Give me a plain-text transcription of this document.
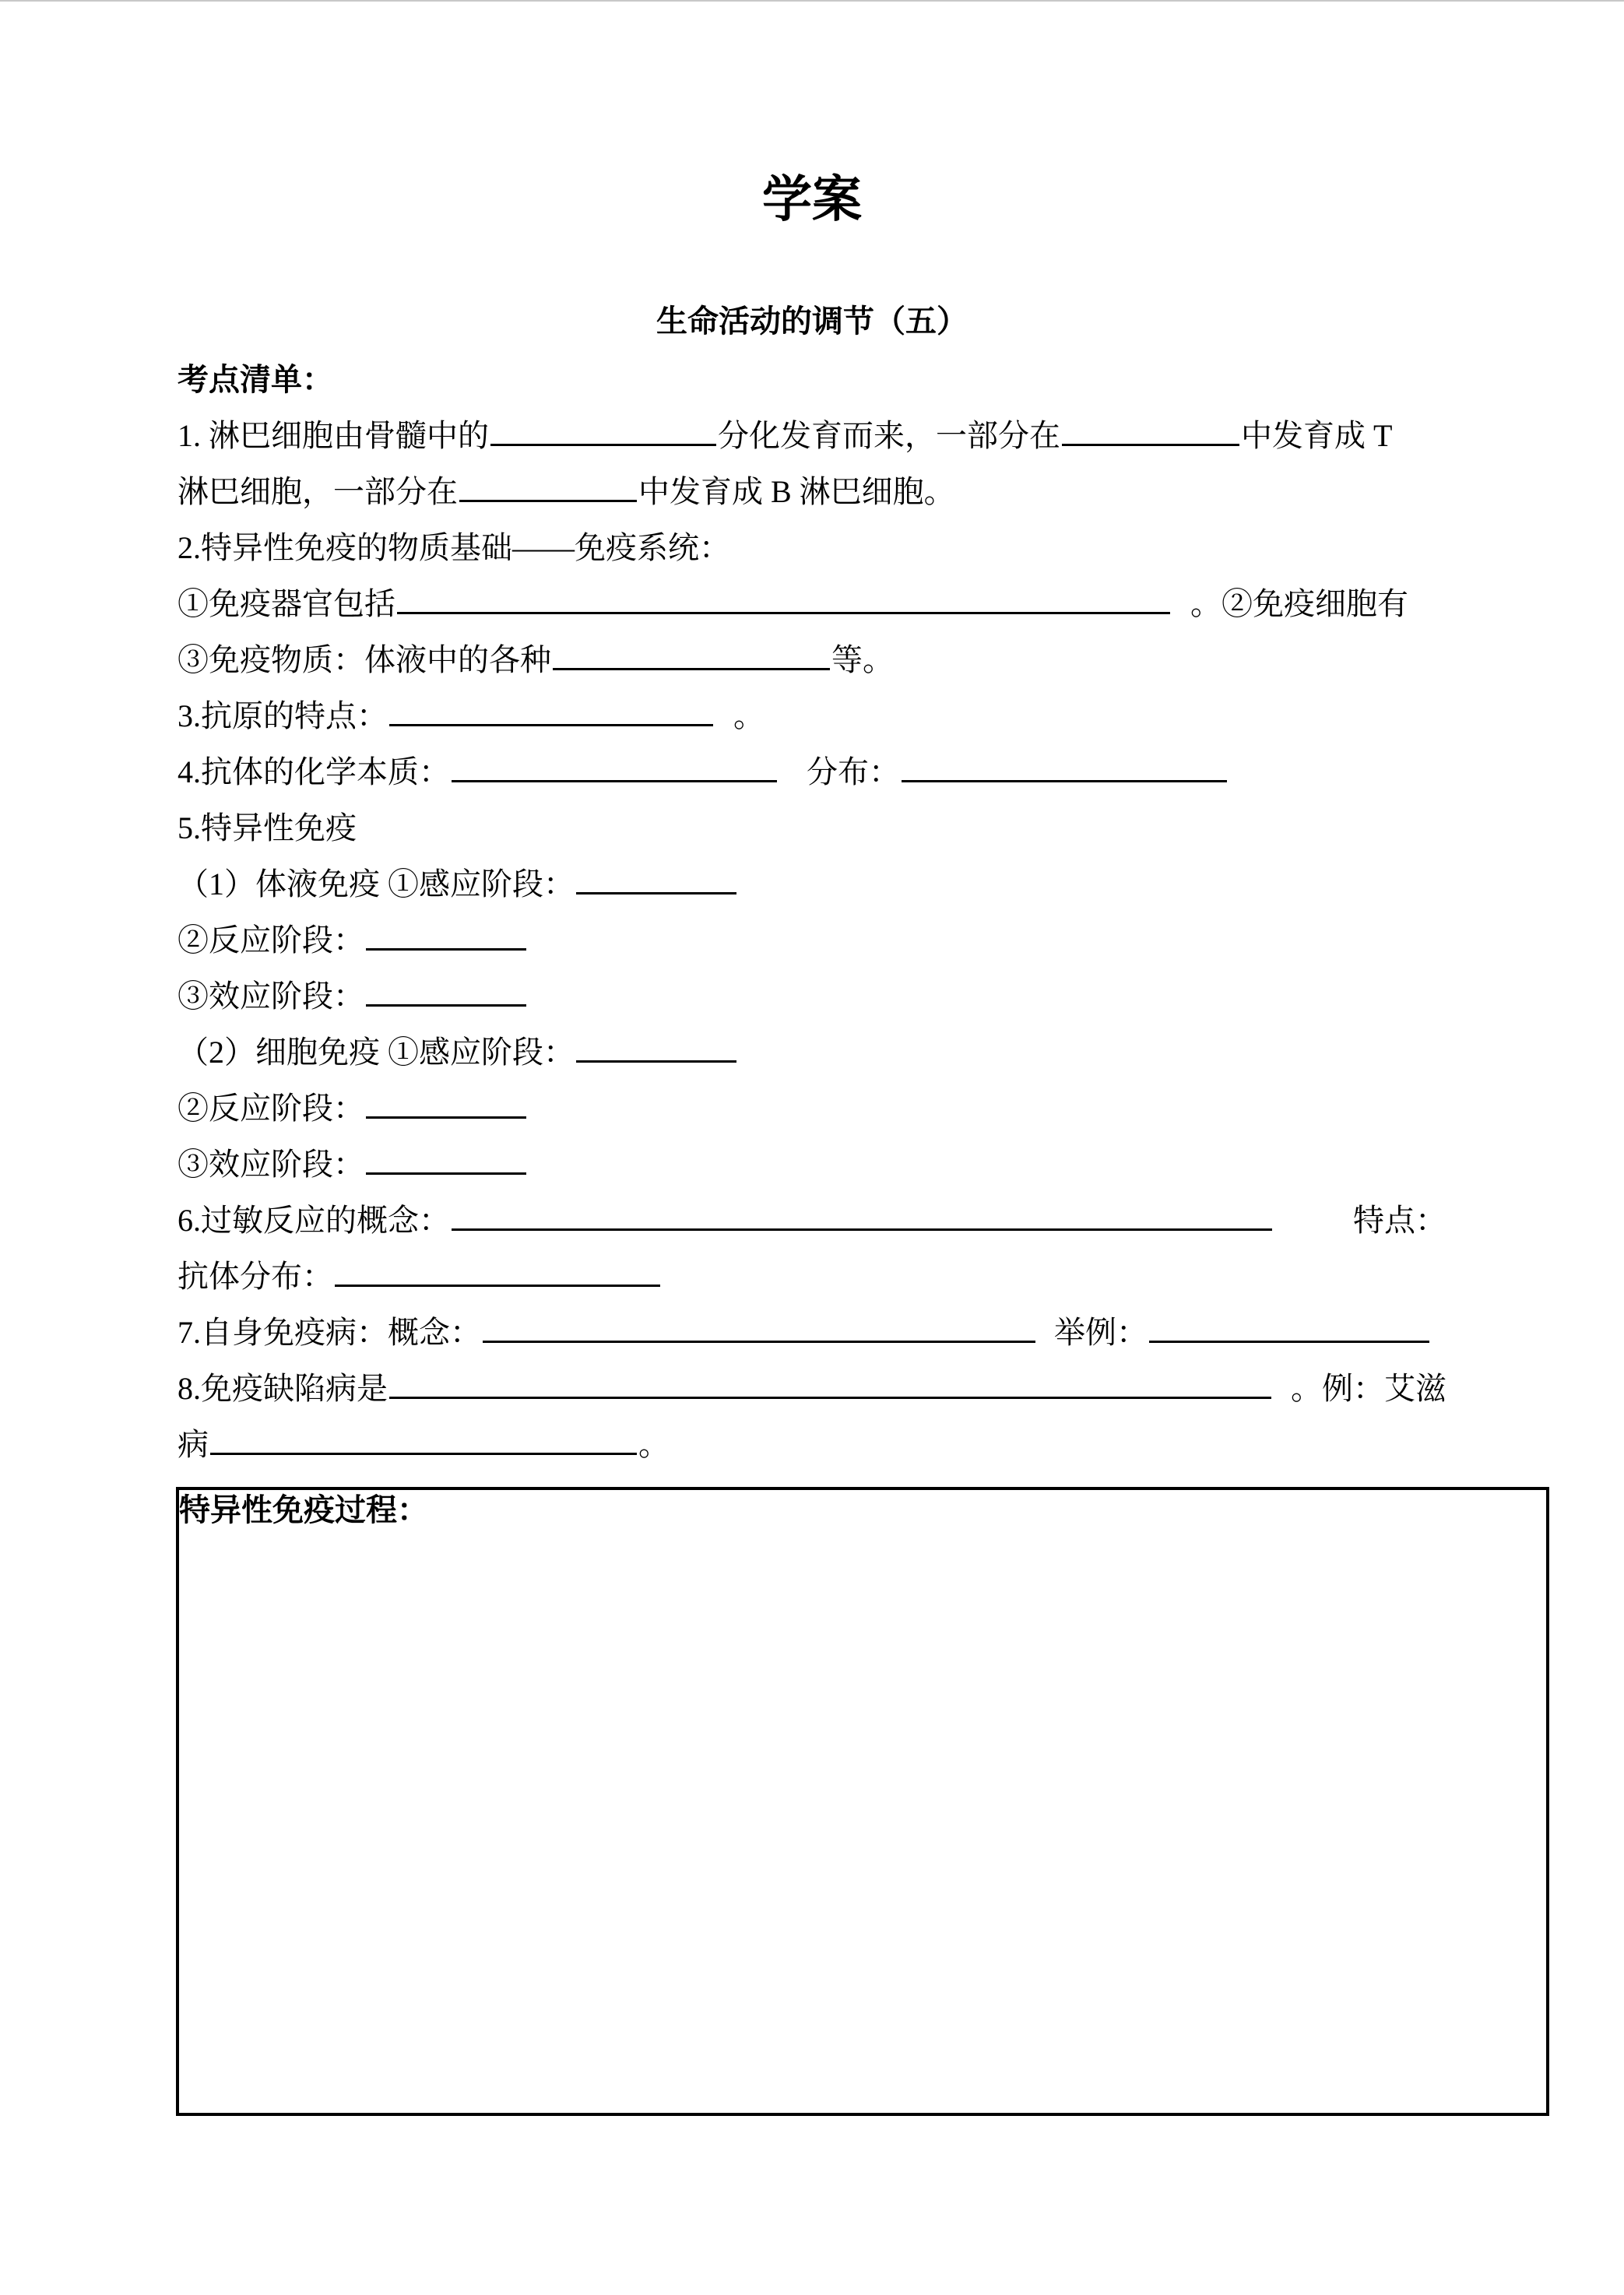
学案
生命活动的调节（五）
考点清单：
1. 淋巴细胞由骨髓中的	分化发育而来，一部分在	中发育成 T
淋巴细胞，一部分在	中发育成 B 淋巴细胞。
2.特异性免疫的物质基础——免疫系统：
①免疫器官包括	。②免疫细胞有
③免疫物质：体液中的各种	等。
3.抗原的特点：	。
4.抗体的化学本质：	分布：
5.特异性免疫
（1）体液免疫 ①感应阶段：
②反应阶段：
③效应阶段：
（2）细胞免疫 ①感应阶段：
②反应阶段：
③效应阶段：
6.过敏反应的概念：	特点：
抗体分布：
7.自身免疫病：概念：	举例：
8.免疫缺陷病是	。例：艾滋
病	。
特异性免疫过程：
